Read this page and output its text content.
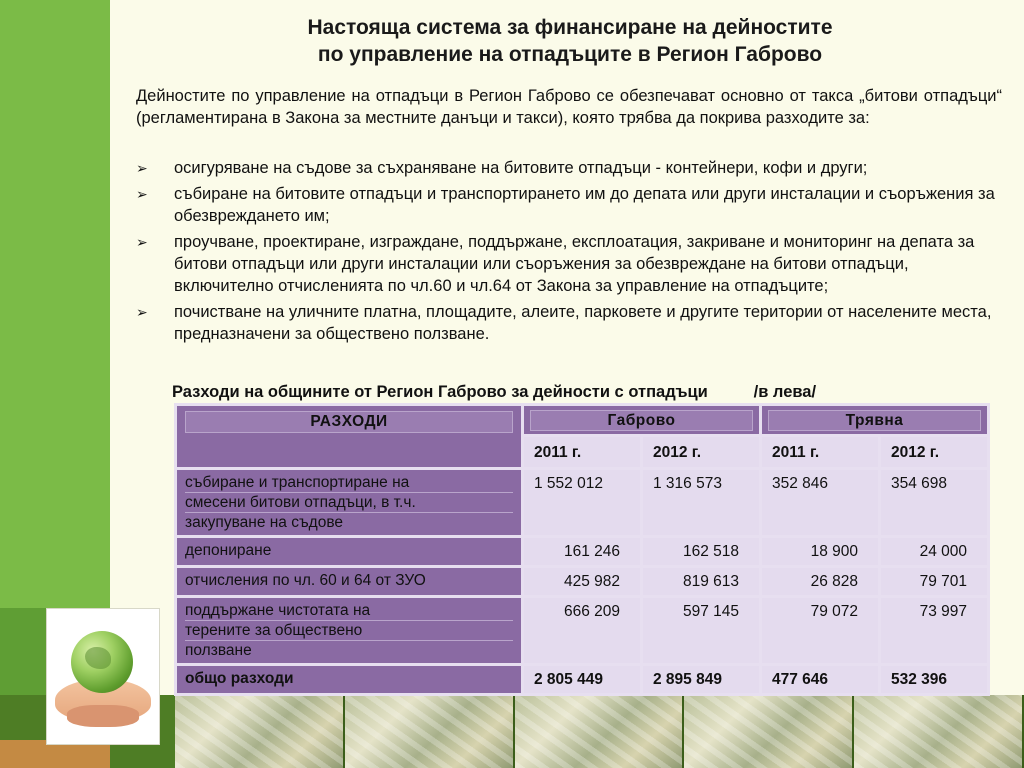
Настояща система за финансиране на дейностите
по управление на отпадъците в Регион Габрово
Дейностите по управление на отпадъци в Регион Габрово се обезпечават основно от такса „битови отпадъци“ (регламентирана в Закона за местните данъци и такси), която трябва да покрива разходите за:
➢ осигуряване на съдове за съхраняване на битовите отпадъци - контейнери, кофи и други;
➢ събиране на битовите отпадъци и транспортирането им до депата или други инсталации и съоръжения за обезвреждането им;
➢ проучване, проектиране, изграждане, поддържане, експлоатация, закриване и мониторинг на депата за битови отпадъци или други инсталации или съоръжения за обезвреждане на битови отпадъци, включително отчисленията по чл.60 и чл.64 от Закона за управление на отпадъците;
➢ почистване на уличните платна, площадите, алеите, парковете и другите територии от населените места, предназначени за обществено ползване.
Разходи на общините от Регион Габрово за дейности с отпадъци          /в лева/
РАЗХОДИ	Габрово		Трявна	

	2011 г.	2012 г.	2011 г.	2012 г.

събиране и транспортиране на
смесени битови отпадъци, в т.ч.
закупуване на съдове	1 552 012	1 316 573	352 846	354 698
депониране	161 246	162 518	18 900	24 000
отчисления по чл. 60 и 64 от ЗУО	425 982	819 613	26 828	79 701

поддържане чистотата на
терените за обществено
ползване	666 209	597 145	79 072	73 997
общо разходи	2 805 449	2 895 849	477 646	532 396
